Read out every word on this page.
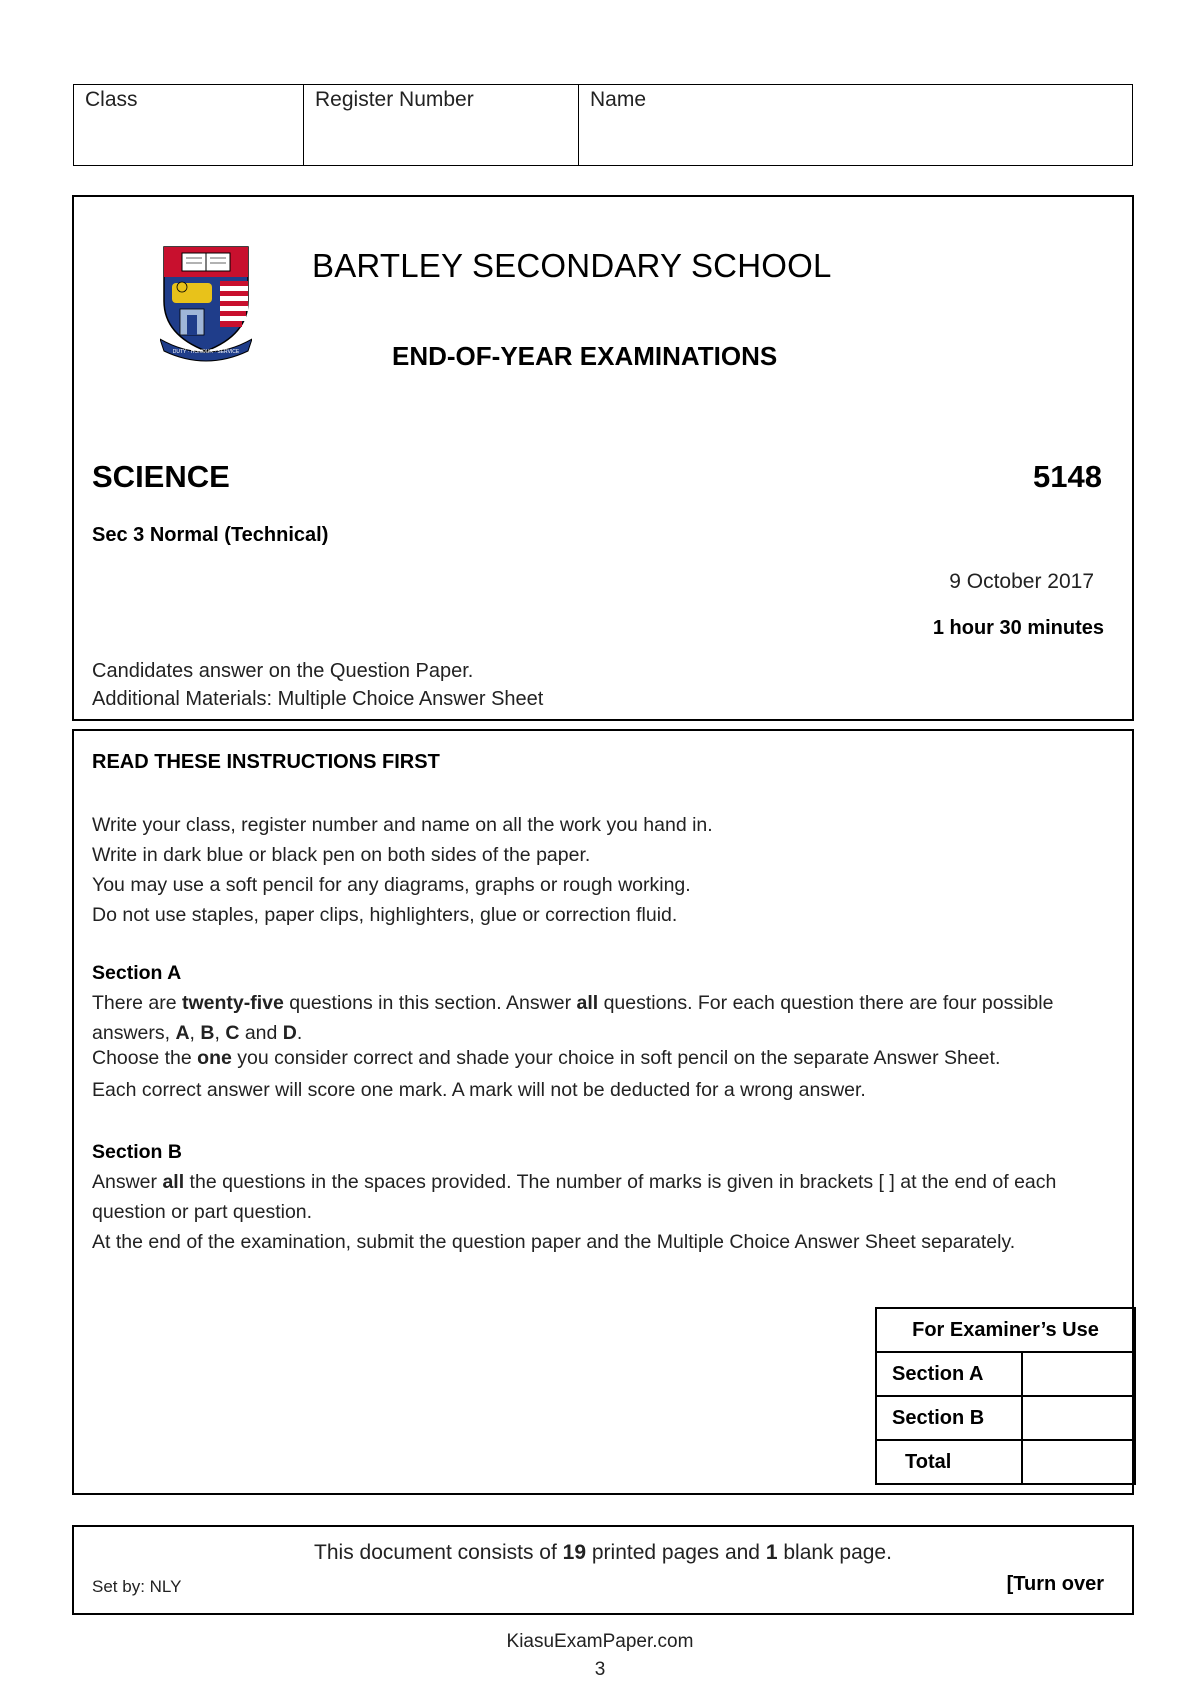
Class	Register Number	Name
DUTY · HONOUR · SERVICE
BARTLEY SECONDARY SCHOOL
END-OF-YEAR EXAMINATIONS
SCIENCE	5148
Sec 3 Normal (Technical)
9 October 2017
1 hour 30 minutes
Candidates answer on the Question Paper.
Additional Materials: Multiple Choice Answer Sheet
READ THESE INSTRUCTIONS FIRST
Write your class, register number and name on all the work you hand in.
Write in dark blue or black pen on both sides of the paper.
You may use a soft pencil for any diagrams, graphs or rough working.
Do not use staples, paper clips, highlighters, glue or correction fluid.
Section A
There are twenty-five questions in this section. Answer all questions. For each question there are four possible
answers, A, B, C and D.
Choose the one you consider correct and shade your choice in soft pencil on the separate Answer Sheet.
Each correct answer will score one mark. A mark will not be deducted for a wrong answer.
Section B
Answer all the questions in the spaces provided. The number of marks is given in brackets [ ] at the end of each
question or part question.
At the end of the examination, submit the question paper and the Multiple Choice Answer Sheet separately.
For Examiner’s Use	
Section A	
Section B	
Total	
This document consists of 19 printed pages and 1 blank page.
Set by: NLY	[Turn over
KiasuExamPaper.com
3
